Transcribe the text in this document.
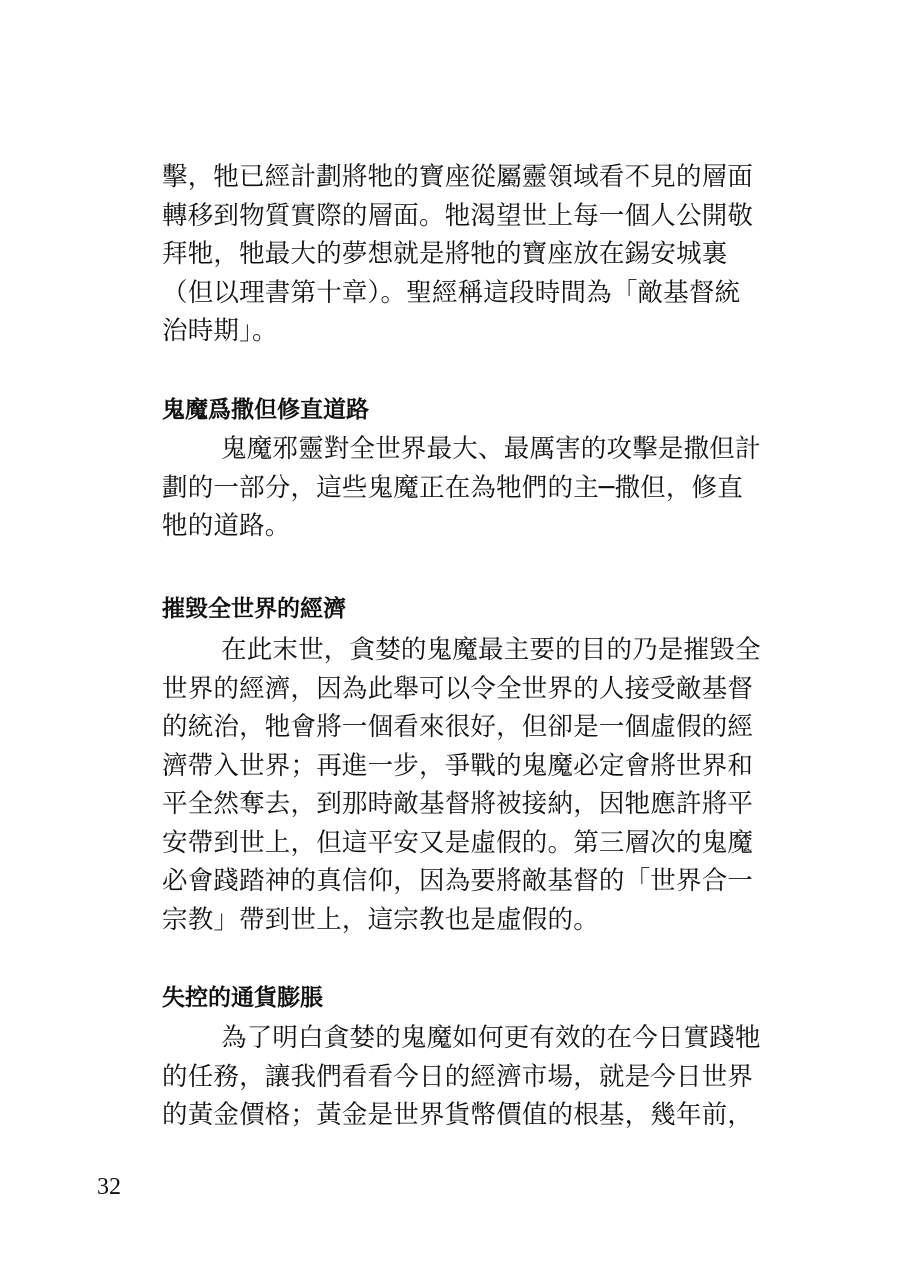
擊，牠已經計劃將牠的寶座從屬靈領域看不見的層面
轉移到物質實際的層面。牠渴望世上每一個人公開敬
拜牠，牠最大的夢想就是將牠的寶座放在錫安城裏
（但以理書第十章）。聖經稱這段時間為「敵基督統
治時期」。
鬼魔爲撒但修直道路
鬼魔邪靈對全世界最大、最厲害的攻擊是撒但計
劃的一部分，這些鬼魔正在為牠們的主─撒但，修直
牠的道路。
摧毀全世界的經濟
在此末世，貪婪的鬼魔最主要的目的乃是摧毀全
世界的經濟，因為此舉可以令全世界的人接受敵基督
的統治，牠會將一個看來很好，但卻是一個虛假的經
濟帶入世界；再進一步，爭戰的鬼魔必定會將世界和
平全然奪去，到那時敵基督將被接納，因牠應許將平
安帶到世上，但這平安又是虛假的。第三層次的鬼魔
必會踐踏神的真信仰，因為要將敵基督的「世界合一
宗教」帶到世上，這宗教也是虛假的。
失控的通貨膨脹
為了明白貪婪的鬼魔如何更有效的在今日實踐牠
的任務，讓我們看看今日的經濟市場，就是今日世界
的黃金價格；黃金是世界貨幣價值的根基，幾年前，
32
